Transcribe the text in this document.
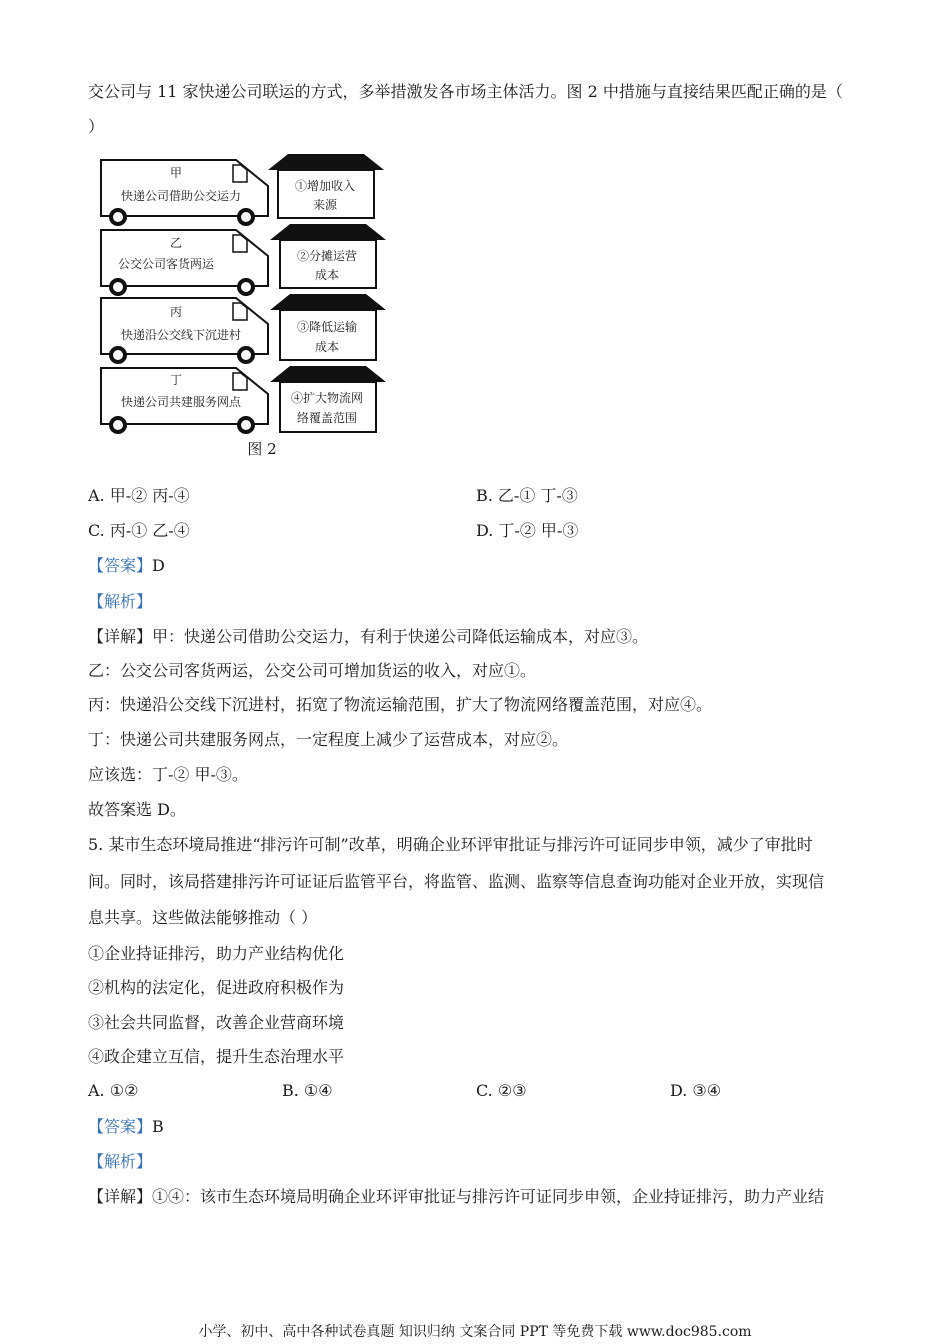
交公司与 11 家快递公司联运的方式，多举措激发各市场主体活力。图 2 中措施与直接结果匹配正确的是（
）
甲
快递公司借助公交运力
乙
公交公司客货两运
丙
快递沿公交线下沉进村
丁
快递公司共建服务网点
①增加收入
来源
②分摊运营
成本
③降低运输
成本
④扩大物流网
络覆盖范围
图 2
A. 甲-② 丙-④	B. 乙-① 丁-③
C. 丙-① 乙-④	D. 丁-② 甲-③
【答案】D
【解析】
【详解】甲：快递公司借助公交运力，有利于快递公司降低运输成本，对应③。
乙：公交公司客货两运，公交公司可增加货运的收入，对应①。
丙：快递沿公交线下沉进村，拓宽了物流运输范围，扩大了物流网络覆盖范围，对应④。
丁：快递公司共建服务网点，一定程度上减少了运营成本，对应②。
应该选：丁-② 甲-③。
故答案选 D。
5. 某市生态环境局推进“排污许可制”改革，明确企业环评审批证与排污许可证同步申领，减少了审批时
间。同时，该局搭建排污许可证证后监管平台，将监管、监测、监察等信息查询功能对企业开放，实现信
息共享。这些做法能够推动（ ）
①企业持证排污，助力产业结构优化
②机构的法定化，促进政府积极作为
③社会共同监督，改善企业营商环境
④政企建立互信，提升生态治理水平
A. ①②	B. ①④	C. ②③	D. ③④
【答案】B
【解析】
【详解】①④：该市生态环境局明确企业环评审批证与排污许可证同步申领，企业持证排污，助力产业结
小学、初中、高中各种试卷真题 知识归纳 文案合同 PPT 等免费下载 www.doc985.com
